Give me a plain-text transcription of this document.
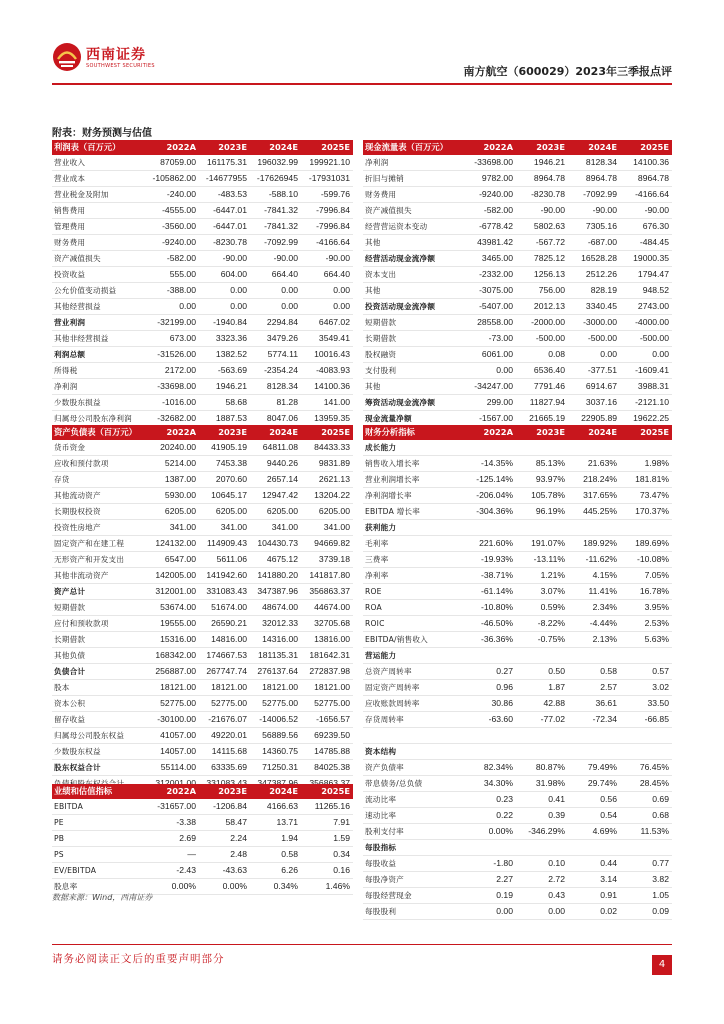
西南证券
SOUTHWEST SECURITIES	南方航空（600029）2023年三季报点评
附表：财务预测与估值
利润表（百万元）	2022A	2023E	2024E	2025E
营业收入	87059.00	161175.31	196032.99	199921.10
营业成本	-105862.00	-14677955	-17626945	-17931031
营业税金及附加	-240.00	-483.53	-588.10	-599.76
销售费用	-4555.00	-6447.01	-7841.32	-7996.84
管理费用	-3560.00	-6447.01	-7841.32	-7996.84
财务费用	-9240.00	-8230.78	-7092.99	-4166.64
资产减值损失	-582.00	-90.00	-90.00	-90.00
投资收益	555.00	604.00	664.40	664.40
公允价值变动损益	-388.00	0.00	0.00	0.00
其他经营损益	0.00	0.00	0.00	0.00
营业利润	-32199.00	-1940.84	2294.84	6467.02
其他非经营损益	673.00	3323.36	3479.26	3549.41
利润总额	-31526.00	1382.52	5774.11	10016.43
所得税	2172.00	-563.69	-2354.24	-4083.93
净利润	-33698.00	1946.21	8128.34	14100.36
少数股东损益	-1016.00	58.68	81.28	141.00
归属母公司股东净利润	-32682.00	1887.53	8047.06	13959.35
现金流量表（百万元）	2022A	2023E	2024E	2025E
净利润	-33698.00	1946.21	8128.34	14100.36
折旧与摊销	9782.00	8964.78	8964.78	8964.78
财务费用	-9240.00	-8230.78	-7092.99	-4166.64
资产减值损失	-582.00	-90.00	-90.00	-90.00
经营营运资本变动	-6778.42	5802.63	7305.16	676.30
其他	43981.42	-567.72	-687.00	-484.45
经营活动现金流净额	3465.00	7825.12	16528.28	19000.35
资本支出	-2332.00	1256.13	2512.26	1794.47
其他	-3075.00	756.00	828.19	948.52
投资活动现金流净额	-5407.00	2012.13	3340.45	2743.00
短期借款	28558.00	-2000.00	-3000.00	-4000.00
长期借款	-73.00	-500.00	-500.00	-500.00
股权融资	6061.00	0.08	0.00	0.00
支付股利	0.00	6536.40	-377.51	-1609.41
其他	-34247.00	7791.46	6914.67	3988.31
筹资活动现金流净额	299.00	11827.94	3037.16	-2121.10
现金流量净额	-1567.00	21665.19	22905.89	19622.25
资产负债表（百万元）	2022A	2023E	2024E	2025E
货币资金	20240.00	41905.19	64811.08	84433.33
应收和预付款项	5214.00	7453.38	9440.26	9831.89
存货	1387.00	2070.60	2657.14	2621.13
其他流动资产	5930.00	10645.17	12947.42	13204.22
长期股权投资	6205.00	6205.00	6205.00	6205.00
投资性房地产	341.00	341.00	341.00	341.00
固定资产和在建工程	124132.00	114909.43	104430.73	94669.82
无形资产和开发支出	6547.00	5611.06	4675.12	3739.18
其他非流动资产	142005.00	141942.60	141880.20	141817.80
资产总计	312001.00	331083.43	347387.96	356863.37
短期借款	53674.00	51674.00	48674.00	44674.00
应付和预收款项	19555.00	26590.21	32012.33	32705.68
长期借款	15316.00	14816.00	14316.00	13816.00
其他负债	168342.00	174667.53	181135.31	181642.31
负债合计	256887.00	267747.74	276137.64	272837.98
股本	18121.00	18121.00	18121.00	18121.00
资本公积	52775.00	52775.00	52775.00	52775.00
留存收益	-30100.00	-21676.07	-14006.52	-1656.57
归属母公司股东权益	41057.00	49220.01	56889.56	69239.50
少数股东权益	14057.00	14115.68	14360.75	14785.88
股东权益合计	55114.00	63335.69	71250.31	84025.38

财务分析指标	2022A	2023E	2024E	2025E
成长能力				
销售收入增长率	-14.35%	85.13%	21.63%	1.98%
营业利润增长率	-125.14%	93.97%	218.24%	181.81%
净利润增长率	-206.04%	105.78%	317.65%	73.47%
EBITDA 增长率	-304.36%	96.19%	445.25%	170.37%
获利能力				
毛利率	221.60%	191.07%	189.92%	189.69%
三费率	-19.93%	-13.11%	-11.62%	-10.08%
净利率	-38.71%	1.21%	4.15%	7.05%
ROE	-61.14%	3.07%	11.41%	16.78%
ROA	-10.80%	0.59%	2.34%	3.95%
ROIC	-46.50%	-8.22%	-4.44%	2.53%
EBITDA/销售收入	-36.36%	-0.75%	2.13%	5.63%
营运能力				
总资产周转率	0.27	0.50	0.58	0.57
固定资产周转率	0.96	1.87	2.57	3.02
应收账款周转率	30.86	42.88	36.61	33.50
存货周转率	-63.60	-77.02	-72.34	-66.85

资本结构				
资产负债率	82.34%	80.87%	79.49%	76.45%
带息债务/总负债	34.30%	31.98%	29.74%	28.45%
流动比率	0.23	0.41	0.56	0.69
速动比率	0.22	0.39	0.54	0.68
股利支付率	0.00%	-346.29%	4.69%	11.53%
每股指标				
每股收益	-1.80	0.10	0.44	0.77
每股净资产	2.27	2.72	3.14	3.82
每股经营现金	0.19	0.43	0.91	1.05
每股股利	0.00	0.00	0.02	0.09
业绩和估值指标	2022A	2023E	2024E	2025E
EBITDA	-31657.00	-1206.84	4166.63	11265.16
PE	-3.38	58.47	13.71	7.91
PB	2.69	2.24	1.94	1.59
PS	—	2.48	0.58	0.34
EV/EBITDA	-2.43	-43.63	6.26	0.16
股息率	0.00%	0.00%	0.34%	1.46%
数据来源：Wind，西南证券
请务必阅读正文后的重要声明部分	4
